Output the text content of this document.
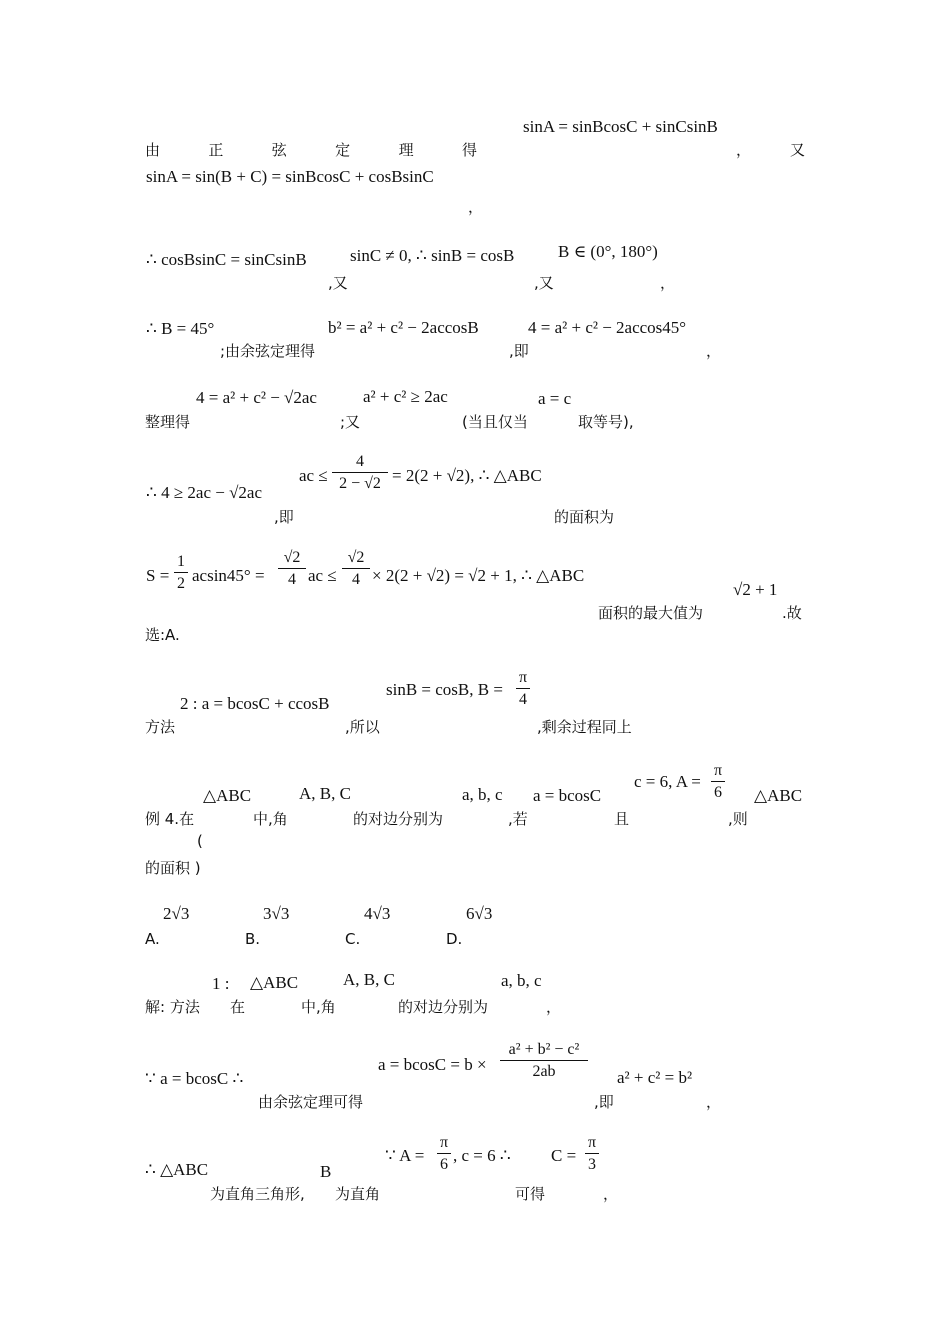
sinA = sinBcosC + sinCsinB
由	正	弦	定	理	得	，	又
sinA = sin(B + C) = sinBcosC + cosBsinC
，
∴ cosBsinC = sinCsinB	sinC ≠ 0, ∴ sinB = cosB	B ∈ (0°, 180°)
,又	,又	，
∴ B = 45°	b² = a² + c² − 2accosB	4 = a² + c² − 2accos45°
;由余弦定理得	,即	，
4 = a² + c² − √2ac	a² + c² ≥ 2ac	a = c
整理得	;又	(当且仅当	取等号),
∴ 4 ≥ 2ac − √2ac
ac ≤ $\frac{4}{2 - √2} = 2(2 + √2)$, ∴ △ABC
,即	的面积为
$S = \frac{1}{2} acsin45^\circ = \frac{√2}{4}$ ac ≤ $\frac{√2}{4} \times 2(2 + √2) = √2 + 1$, ∴ △ABC
√2 + 1
面积的最大值为	.故
选:A.
2 : a = bcosC + ccosB
sinB = cosB, $B = \frac{\pi}{4}$
方法	,所以	,剩余过程同上
△ABC	A, B, C	a, b, c a = bcosC
c = 6, $A = \frac{\pi}{6}$ △ABC
例 4.在	中,角	的对边分别为	,若	且	,则
(
的面积 )
2√3	3√3	4√3	6√3
A.	B.	C.	D.
1 : △ABC	A, B, C	a, b, c
解: 方法 在	中,角	的对边分别为	，
∵ a = bcosC ∴
$a = bcosC = b \times \frac{\text{a² + b² − c²}}{2ab} a^2 + c^2 = b^2$
由余弦定理可得	,即	，
∴ △ABC	B
∵ $A = \frac{\pi}{6}$ , c = 6 ∴ $C = \frac{\pi}{3}$
为直角三角形, 为直角	可得	，
